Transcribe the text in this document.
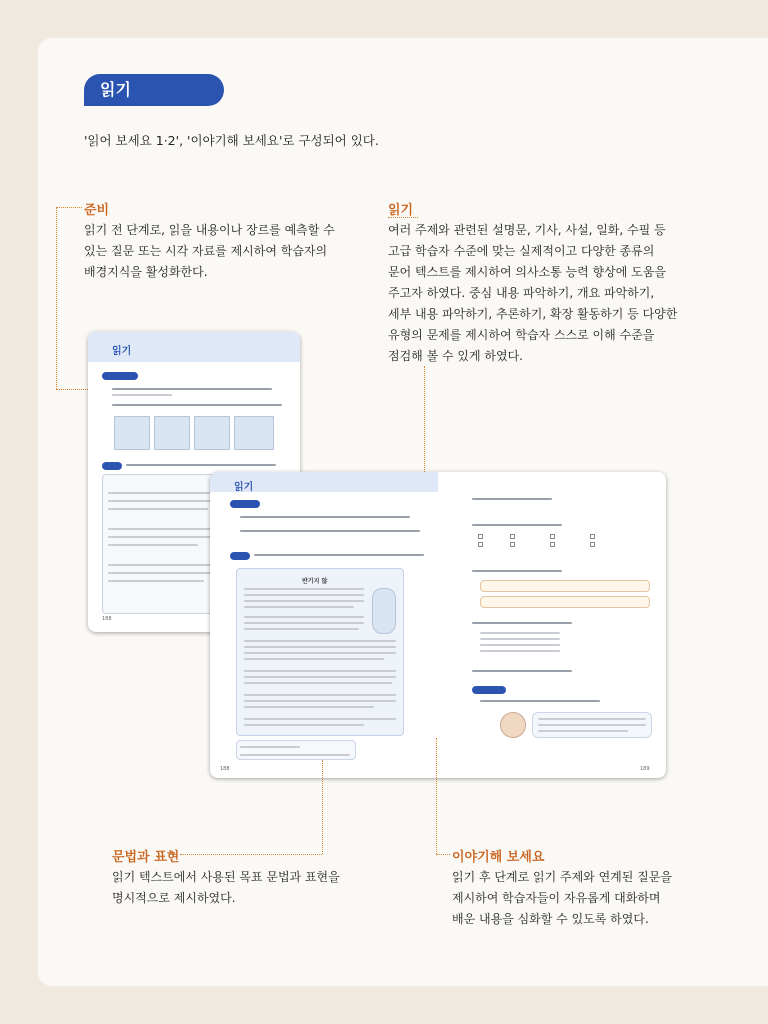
읽기
'읽어 보세요 1·2', '이야기해 보세요'로 구성되어 있다.
준비
읽기 전 단계로, 읽을 내용이나 장르를 예측할 수
있는 질문 또는 시각 자료를 제시하여 학습자의
배경지식을 활성화한다.
읽기
여러 주제와 관련된 설명문, 기사, 사설, 일화, 수필 등
고급 학습자 수준에 맞는 실제적이고 다양한 종류의
문어 텍스트를 제시하여 의사소통 능력 향상에 도움을
주고자 하였다. 중심 내용 파악하기, 개요 파악하기,
세부 내용 파악하기, 추론하기, 확장 활동하기 등 다양한
유형의 문제를 제시하여 학습자 스스로 이해 수준을
점검해 볼 수 있게 하였다.
읽기
188
읽기
반기지 않
188	189
문법과 표현
읽기 텍스트에서 사용된 목표 문법과 표현을
명시적으로 제시하였다.
이야기해 보세요
읽기 후 단계로 읽기 주제와 연계된 질문을
제시하여 학습자들이 자유롭게 대화하며
배운 내용을 심화할 수 있도록 하였다.
